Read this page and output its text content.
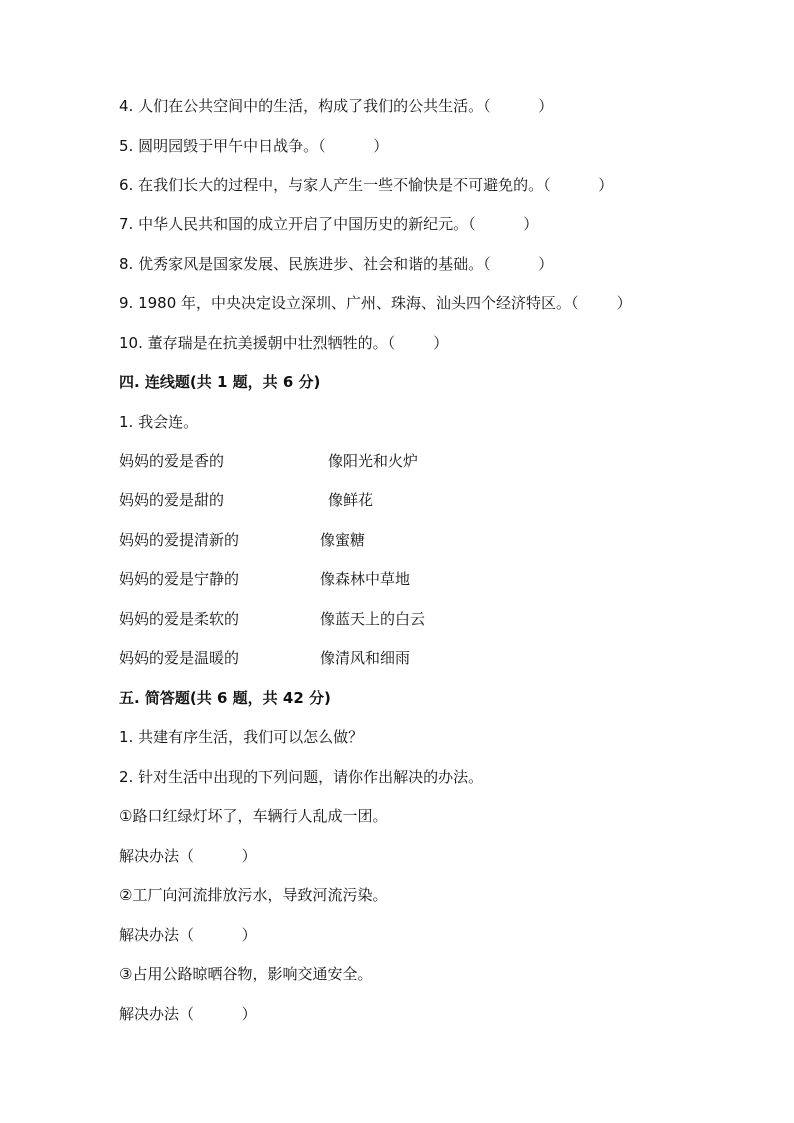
4. 人们在公共空间中的生活，构成了我们的公共生活。（          ）
5. 圆明园毁于甲午中日战争。（          ）
6. 在我们长大的过程中，与家人产生一些不愉快是不可避免的。（          ）
7. 中华人民共和国的成立开启了中国历史的新纪元。（          ）
8. 优秀家风是国家发展、民族进步、社会和谐的基础。（          ）
9. 1980 年，中央决定设立深圳、广州、珠海、汕头四个经济特区。（        ）
10. 董存瑞是在抗美援朝中壮烈牺牲的。（        ）
四. 连线题(共 1 题，共 6 分)
1. 我会连。
妈妈的爱是香的	像阳光和火炉
妈妈的爱是甜的	像鲜花
妈妈的爱提清新的	像蜜糖
妈妈的爱是宁静的	像森林中草地
妈妈的爱是柔软的	像蓝天上的白云
妈妈的爱是温暖的	像清风和细雨
五. 简答题(共 6 题，共 42 分)
1. 共建有序生活，我们可以怎么做？
2. 针对生活中出现的下列问题，请你作出解决的办法。
①路口红绿灯坏了，车辆行人乱成一团。
解决办法（          ）
②工厂向河流排放污水，导致河流污染。
解决办法（          ）
③占用公路晾晒谷物，影响交通安全。
解决办法（          ）
